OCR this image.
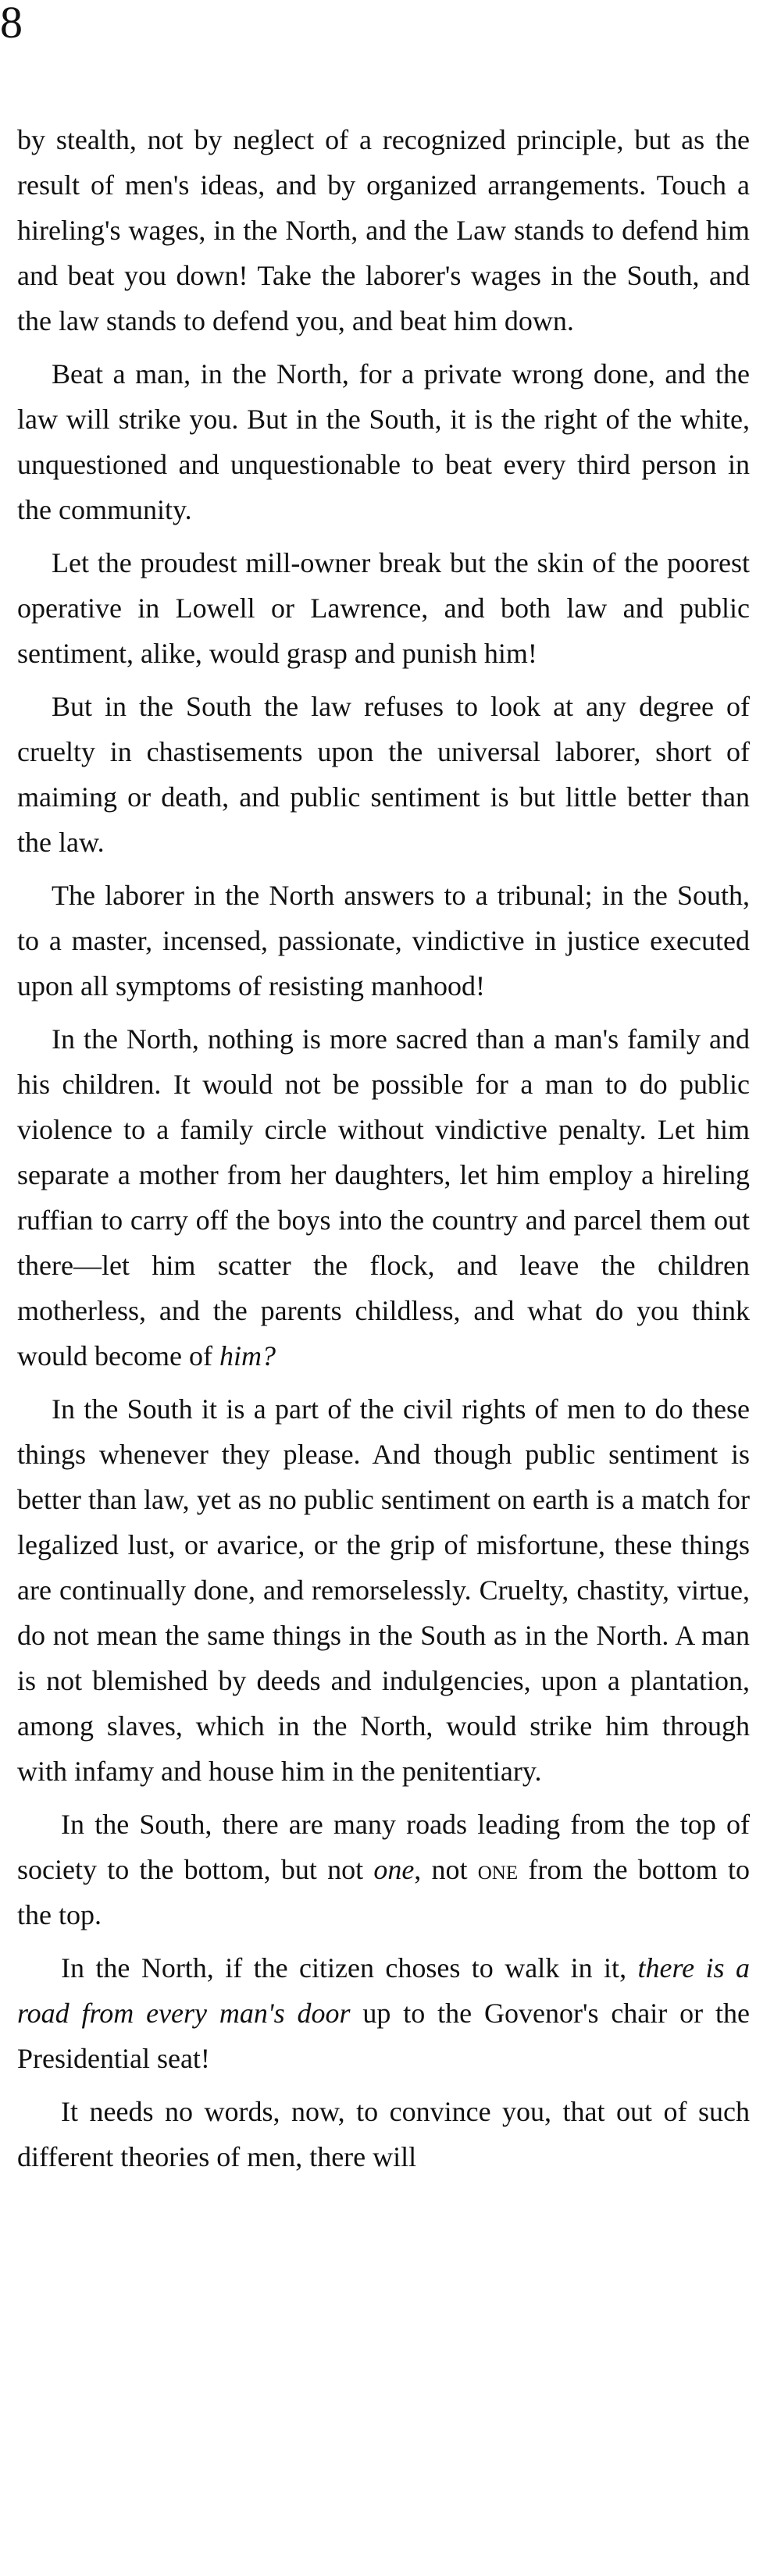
8

by stealth, not by neglect of a recognized principle, but as the result of men's ideas, and by organized arrangements. Touch a hireling's wages, in the North, and the Law stands to defend him and beat you down! Take the laborer's wages in the South, and the law stands to defend you, and beat him down.

Beat a man, in the North, for a private wrong done, and the law will strike you. But in the South, it is the right of the white, unquestioned and unquestionable to beat every third person in the community.

Let the proudest mill-owner break but the skin of the poorest operative in Lowell or Lawrence, and both law and public sentiment, alike, would grasp and punish him!

But in the South the law refuses to look at any degree of cruelty in chastisements upon the universal laborer, short of maiming or death, and public sentiment is but little better than the law.

The laborer in the North answers to a tribunal; in the South, to a master, incensed, passionate, vindictive in justice executed upon all symptoms of resisting manhood!

In the North, nothing is more sacred than a man's family and his children. It would not be possible for a man to do public violence to a family circle without vindictive penalty. Let him separate a mother from her daughters, let him employ a hireling ruffian to carry off the boys into the country and parcel them out there—let him scatter the flock, and leave the children motherless, and the parents childless, and what do you think would become of him?

In the South it is a part of the civil rights of men to do these things whenever they please. And though public sentiment is better than law, yet as no public sentiment on earth is a match for legalized lust, or avarice, or the grip of misfortune, these things are continually done, and remorselessly. Cruelty, chastity, virtue, do not mean the same things in the South as in the North. A man is not blemished by deeds and indulgencies, upon a plantation, among slaves, which in the North, would strike him through with infamy and house him in the penitentiary.

In the South, there are many roads leading from the top of society to the bottom, but not one, not one from the bottom to the top.

In the North, if the citizen choses to walk in it, there is a road from every man's door up to the Govenor's chair or the Presidential seat!

It needs no words, now, to convince you, that out of such different theories of men, there will
